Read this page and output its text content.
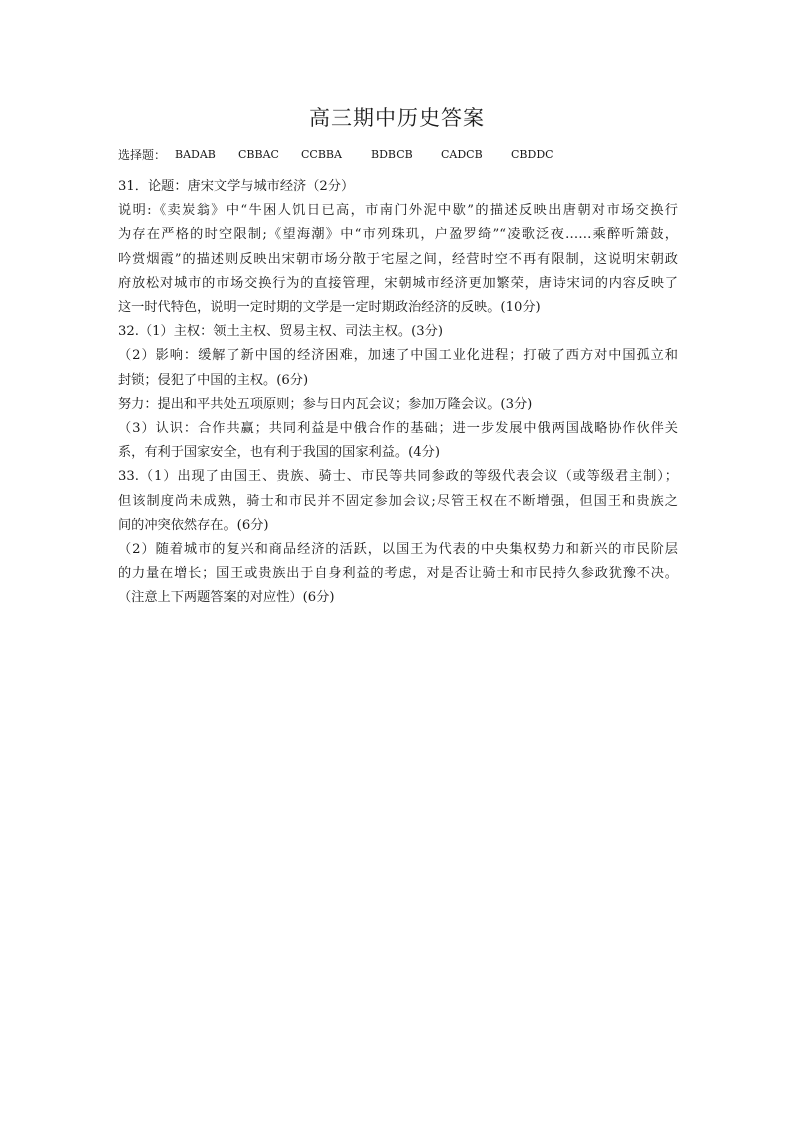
高三期中历史答案
选择题： BADAB CBBAC CCBBA	BDBCB	CADCB	CBDDC
31．论题：唐宋文学与城市经济（2分）
说明:《卖炭翁》中“牛困人饥日已高，市南门外泥中歇”的描述反映出唐朝对市场交换行
为存在严格的时空限制;《望海潮》中“市列珠玑，户盈罗绮”“凌歌泛夜……乘醉听箫鼓，
吟赏烟霞”的描述则反映出宋朝市场分散于宅屋之间，经营时空不再有限制，这说明宋朝政
府放松对城市的市场交换行为的直接管理，宋朝城市经济更加繁荣，唐诗宋词的内容反映了
这一时代特色，说明一定时期的文学是一定时期政治经济的反映。(10分)
32.（1）主权：领土主权、贸易主权、司法主权。(3分)
（2）影响：缓解了新中国的经济困难，加速了中国工业化进程；打破了西方对中国孤立和
封锁；侵犯了中国的主权。(6分)
努力：提出和平共处五项原则；参与日内瓦会议；参加万隆会议。(3分)
（3）认识：合作共赢；共同利益是中俄合作的基础；进一步发展中俄两国战略协作伙伴关
系，有利于国家安全，也有利于我国的国家利益。(4分)
33.（1）出现了由国王、贵族、骑士、市民等共同参政的等级代表会议（或等级君主制）；
但该制度尚未成熟，骑士和市民并不固定参加会议;尽管王权在不断增强，但国王和贵族之
间的冲突依然存在。(6分)
（2）随着城市的复兴和商品经济的活跃，以国王为代表的中央集权势力和新兴的市民阶层
的力量在增长；国王或贵族出于自身利益的考虑，对是否让骑士和市民持久参政犹豫不决。
（注意上下两题答案的对应性）(6分)
